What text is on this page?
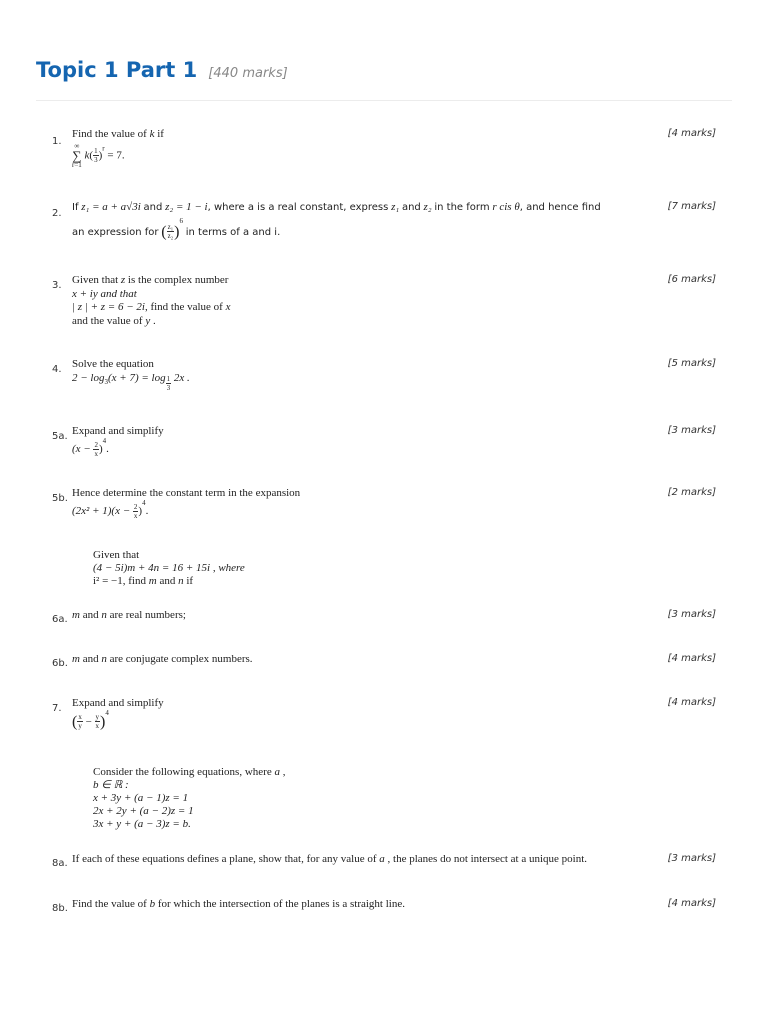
Topic 1 Part 1 [440 marks]
1.
Find the value of k if
∞
∑
r=1 $k( \frac{1}{3} )^r = 7$.
[4 marks]
2.
If z₁ = a + a√3i and z₂ = 1 − i, where a is a real constant, express z₁ and z₂ in the form r cis θ, and hence find
an expression for ( $\frac{\text{z₁}}{\text{z₂}} )^6$ in terms of a and i.
[7 marks]
3. Given that z is the complex number
x + iy and that
| z | + z = 6 − 2i, find the value of x
and the value of y .
[6 marks]
4. Solve the equation
$2 - \log_3(x + 7) = \log \frac{1}{3} 2x$ .
[5 marks]
5a. Expand and simplify
$(x - \frac{2}{x} )^4$.
[3 marks]
5b. Hence determine the constant term in the expansion
$(2x^2 + 1)(x - \frac{2}{x} )^4$.
[2 marks]
Given that
(4 − 5i)m + 4n = 16 + 15i , where
i² = −1, find m and n if
6a. m and n are real numbers;	[3 marks]
6b. m and n are conjugate complex numbers.	[4 marks]
7. Expand and simplify
( $\frac{x}{y} - \frac{y}{x} )^4$
[4 marks]
Consider the following equations, where a ,
b ∈ ℝ :
x + 3y + (a − 1)z = 1
2x + 2y + (a − 2)z = 1
3x + y + (a − 3)z = b.
8a. If each of these equations defines a plane, show that, for any value of a , the planes do not intersect at a unique point.	[3 marks]
8b. Find the value of b for which the intersection of the planes is a straight line.	[4 marks]
